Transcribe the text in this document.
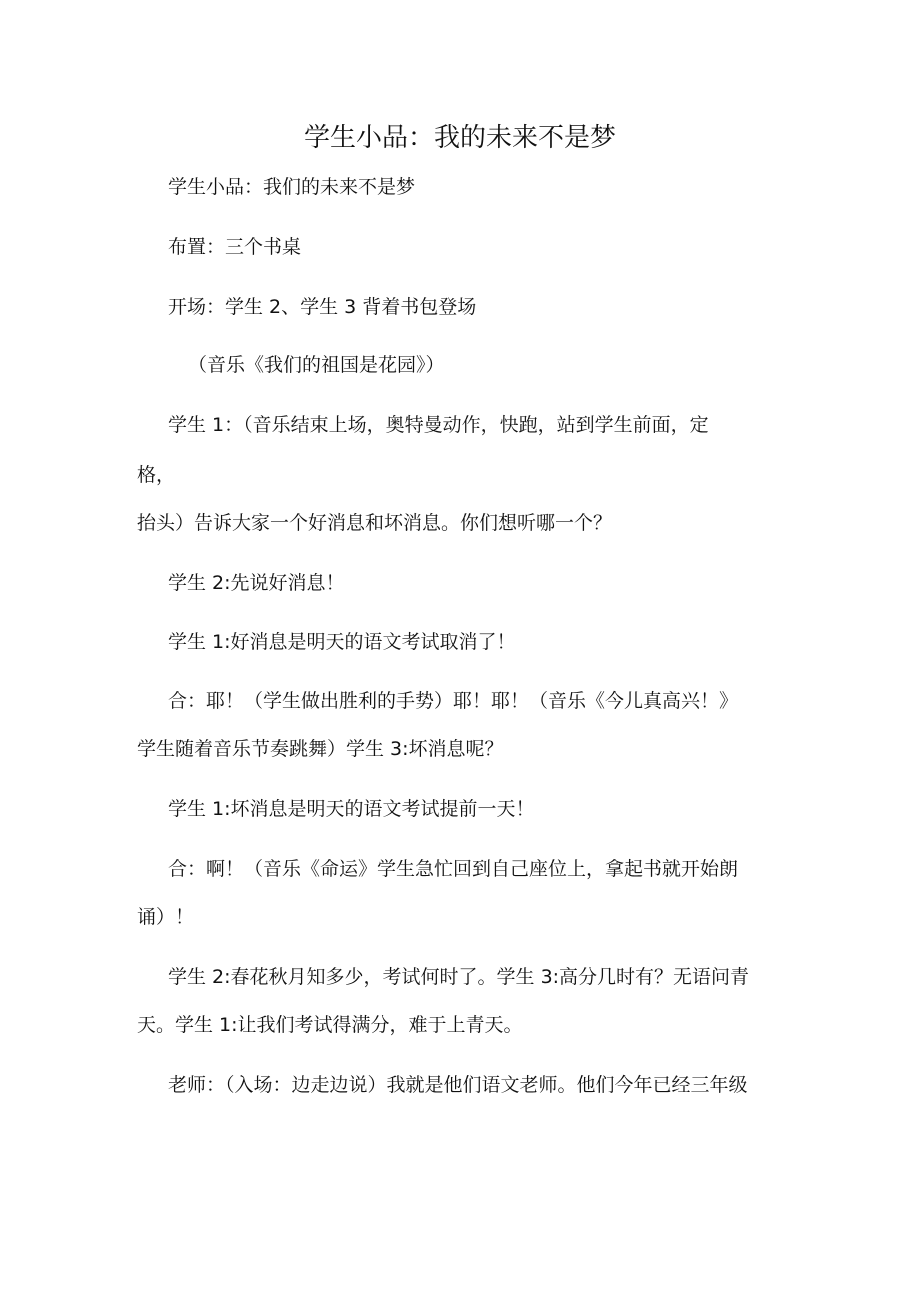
学生小品：我的未来不是梦
学生小品：我们的未来不是梦
布置：三个书桌
开场：学生 2、学生 3 背着书包登场
（音乐《我们的祖国是花园》）
学生 1：（音乐结束上场，奥特曼动作，快跑，站到学生前面，定
格，
抬头）告诉大家一个好消息和坏消息。你们想听哪一个？
学生 2:先说好消息！
学生 1:好消息是明天的语文考试取消了！
合：耶！（学生做出胜利的手势）耶！耶！（音乐《今儿真高兴！》
学生随着音乐节奏跳舞）学生 3:坏消息呢？
学生 1:坏消息是明天的语文考试提前一天！
合：啊！（音乐《命运》学生急忙回到自己座位上，拿起书就开始朗
诵）！
学生 2:春花秋月知多少，考试何时了。学生 3:高分几时有？无语问青
天。学生 1:让我们考试得满分，难于上青天。
老师：（入场：边走边说）我就是他们语文老师。他们今年已经三年级
